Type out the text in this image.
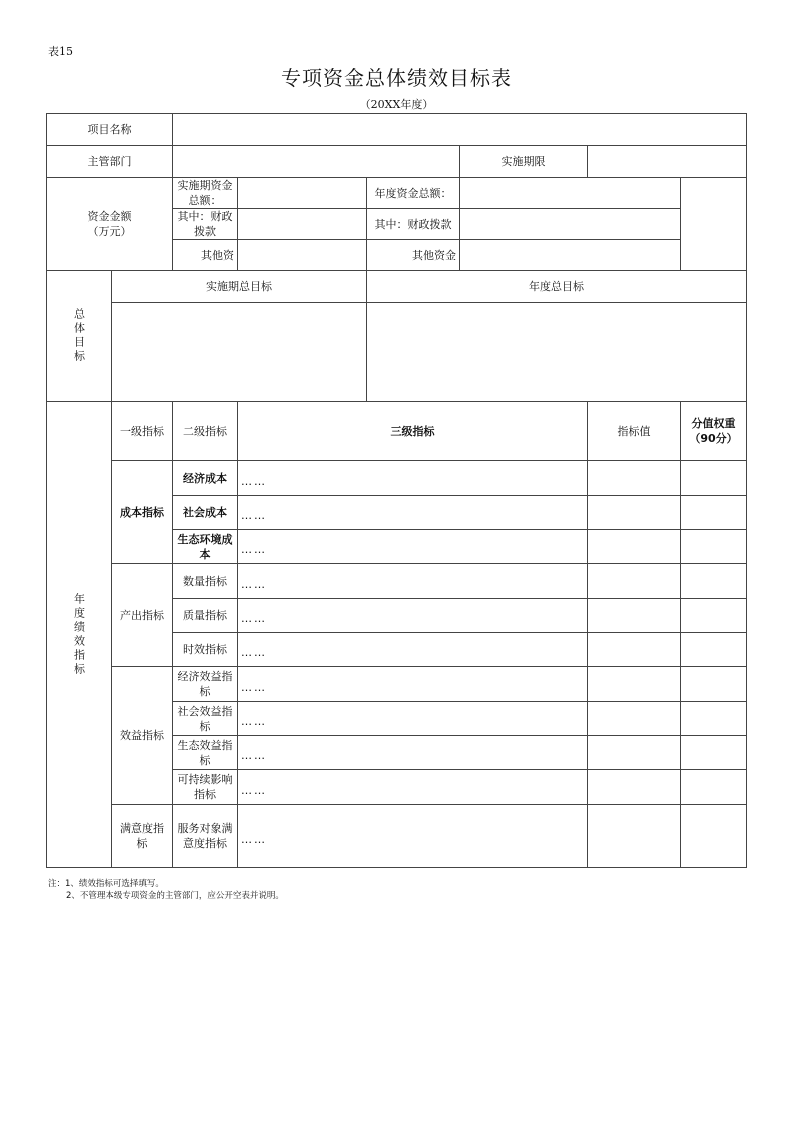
表15
专项资金总体绩效目标表
（20XX年度）
项目名称								
主管部门					实施期限		
资金金额
（万元）		实施期资金总额：		年度资金总额：				
		其中：财政拨款		其中：财政拨款				
		其他资		其他资金				

总体目标	实施期总目标			年度总目标				

年度绩效指标	一级指标	二级指标	三级指标			指标值	分值权重
（90分）	
	成本指标	经济成本	……					
		社会成本	……					
		生态环境成本	……					
	产出指标	数量指标	……					
		质量指标	……					
		时效指标	……					
	效益指标	经济效益指标	……					
		社会效益指标	……					
		生态效益指标	……					
		可持续影响指标	……					
	满意度指标	服务对象满意度指标	……					
注：1、绩效指标可选择填写。
2、不管理本级专项资金的主管部门，应公开空表并说明。
